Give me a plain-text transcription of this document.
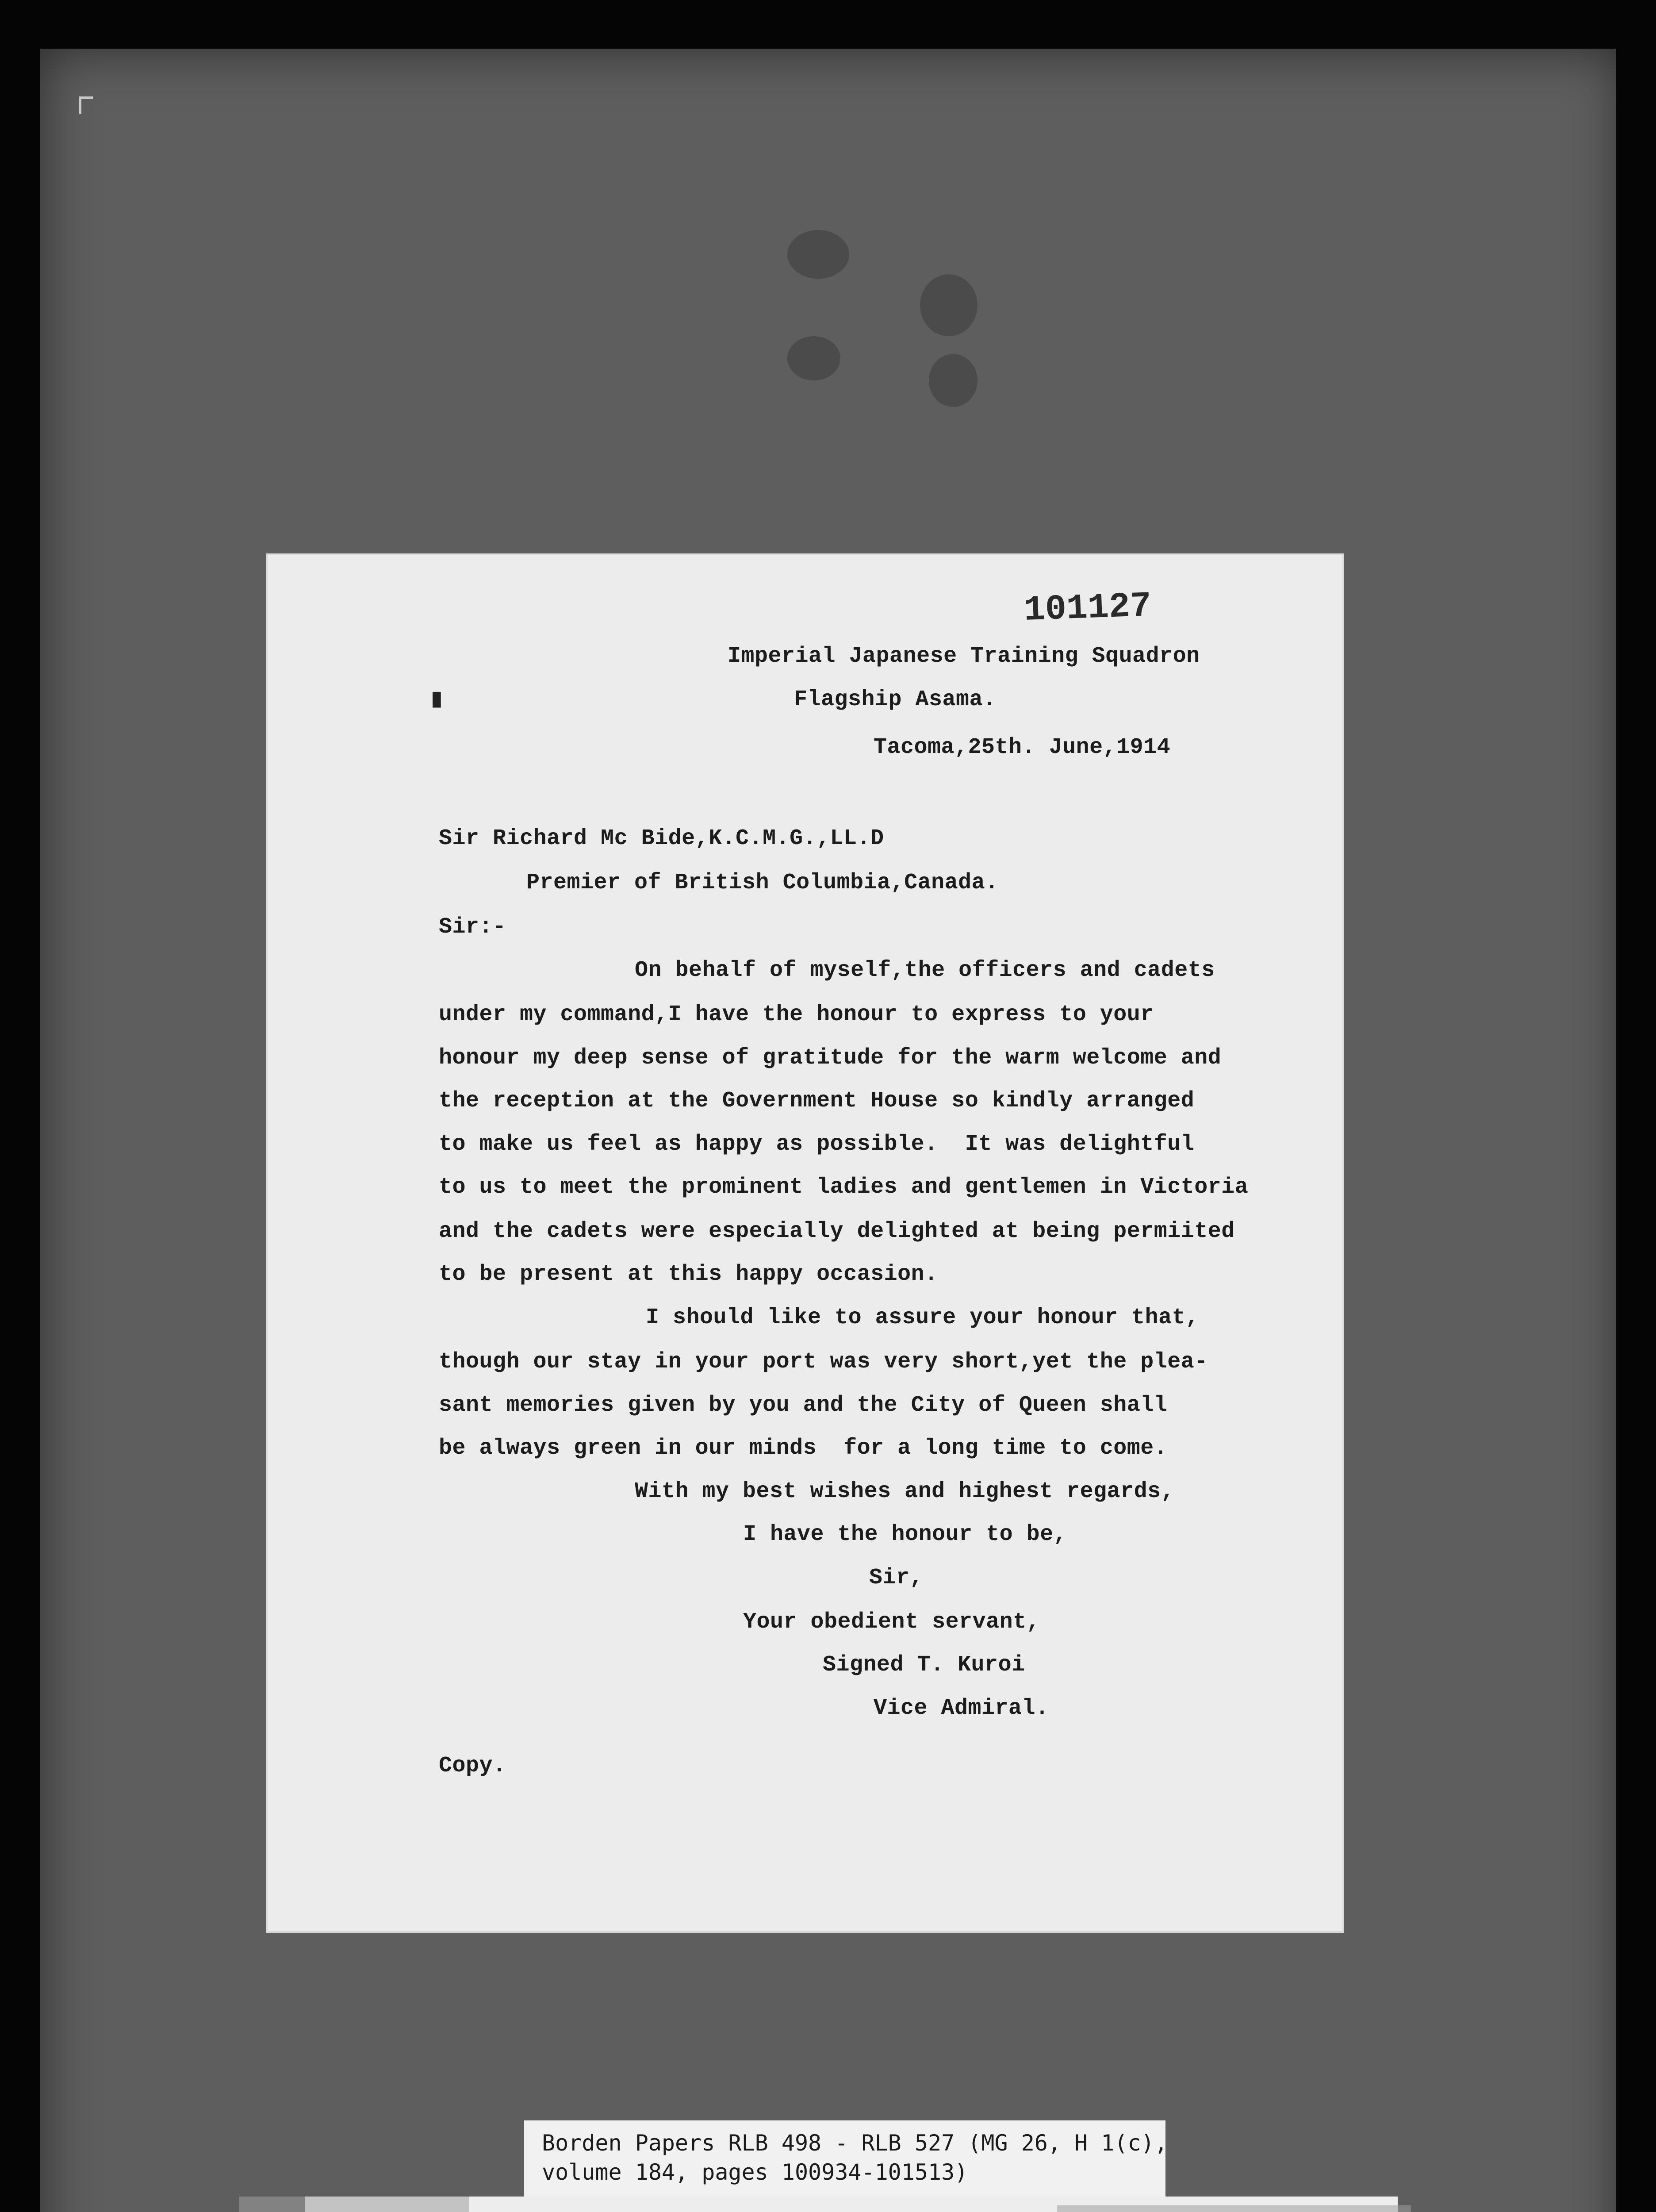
101127
▝
Imperial Japanese Training Squadron
Flagship Asama.
Tacoma,25th. June,1914
Sir Richard Mc Bide,K.C.M.G.,LL.D
Premier of British Columbia,Canada.
Sir:-
On behalf of myself,the officers and cadets
under my command,I have the honour to express to your
honour my deep sense of gratitude for the warm welcome and
the reception at the Government House so kindly arranged
to make us feel as happy as possible.  It was delightful
to us to meet the prominent ladies and gentlemen in Victoria
and the cadets were especially delighted at being permiited
to be present at this happy occasion.
I should like to assure your honour that,
though our stay in your port was very short,yet the plea-
sant memories given by you and the City of Queen shall
be always green in our minds  for a long time to come.
With my best wishes and highest regards,
I have the honour to be,
Sir,
Your obedient servant,
Signed T. Kuroi
Vice Admiral.
Copy.
Borden Papers RLB 498 - RLB 527 (MG 26, H 1(c),
volume 184, pages 100934-101513)
